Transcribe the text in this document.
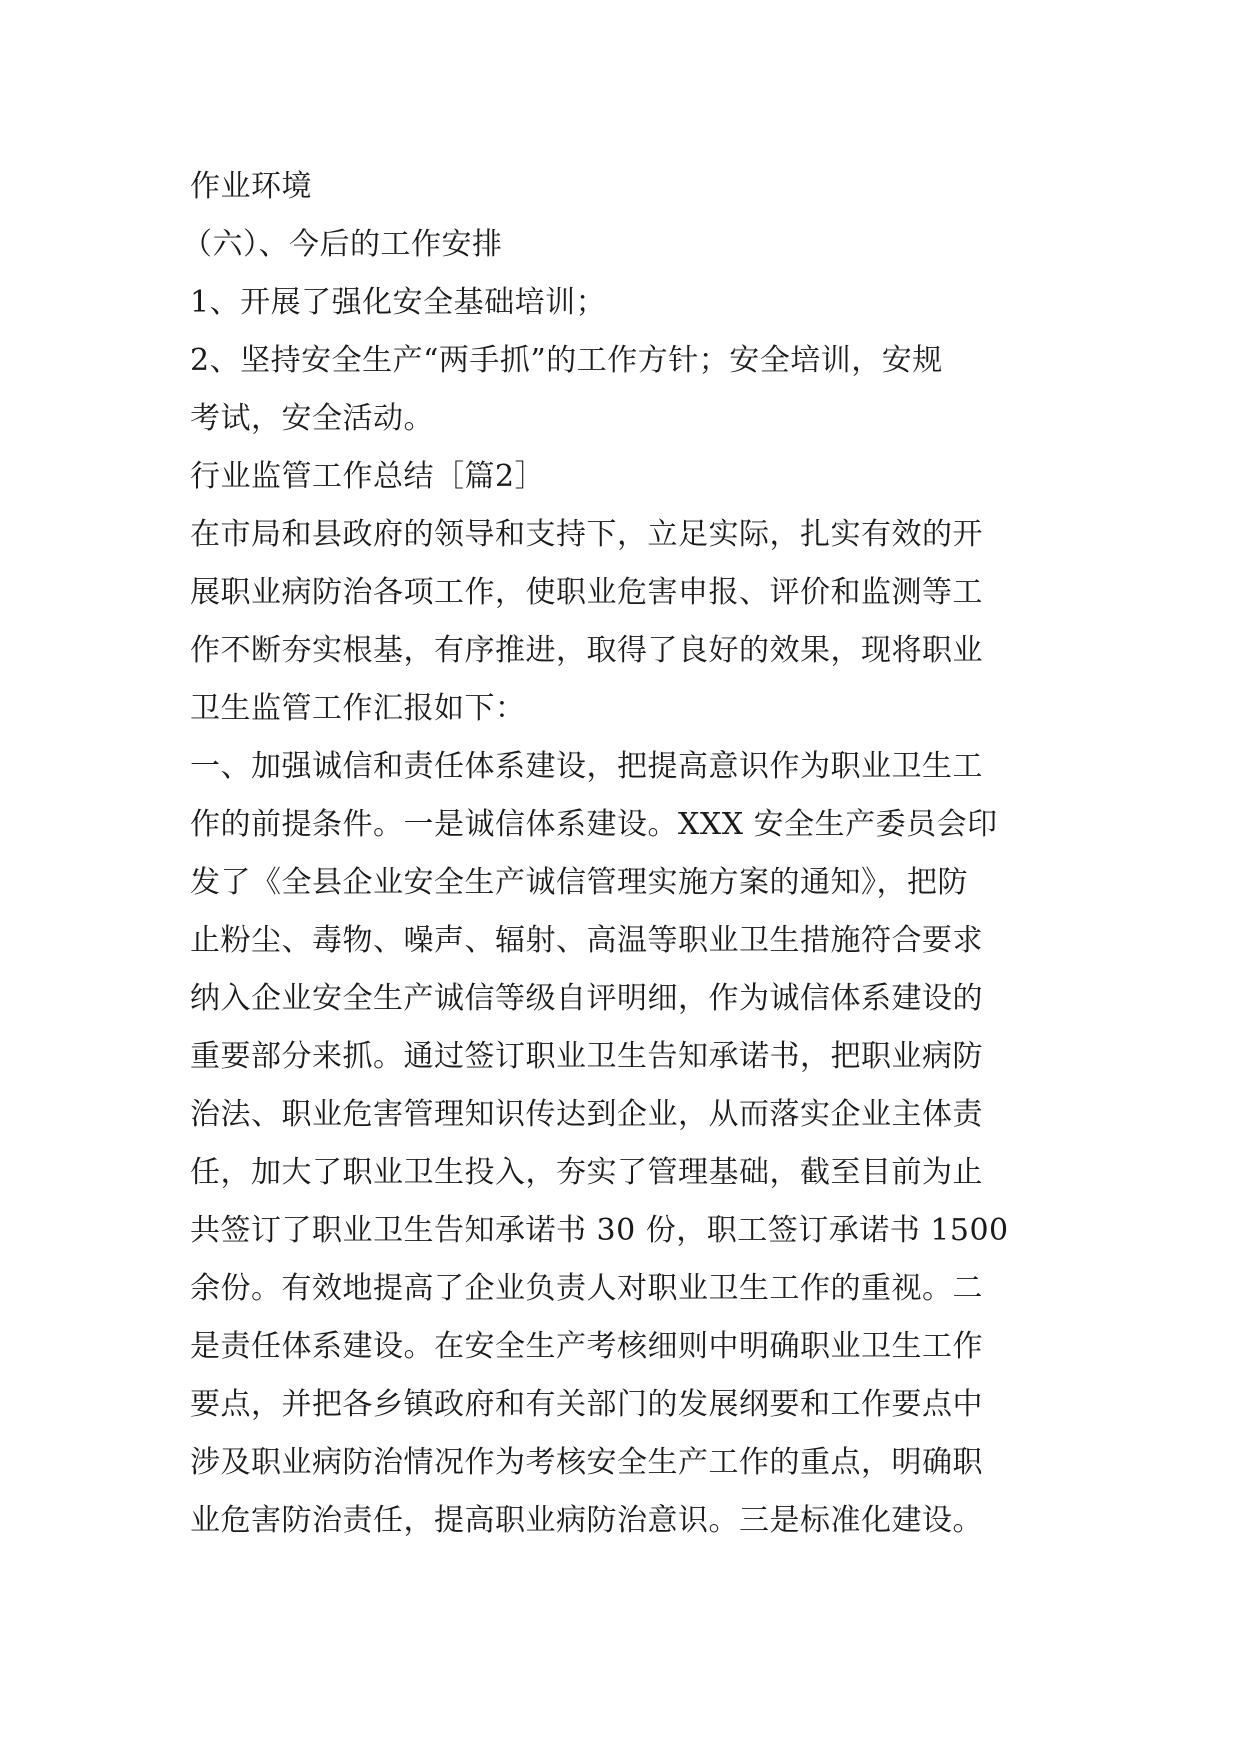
作业环境
（六）、今后的工作安排
1、开展了强化安全基础培训；
2、坚持安全生产“两手抓”的工作方针；安全培训，安规
考试，安全活动。
行业监管工作总结［篇2］
在市局和县政府的领导和支持下，立足实际，扎实有效的开
展职业病防治各项工作，使职业危害申报、评价和监测等工
作不断夯实根基，有序推进，取得了良好的效果，现将职业
卫生监管工作汇报如下：
一、加强诚信和责任体系建设，把提高意识作为职业卫生工
作的前提条件。一是诚信体系建设。XXX 安全生产委员会印
发了《全县企业安全生产诚信管理实施方案的通知》，把防
止粉尘、毒物、噪声、辐射、高温等职业卫生措施符合要求
纳入企业安全生产诚信等级自评明细，作为诚信体系建设的
重要部分来抓。通过签订职业卫生告知承诺书，把职业病防
治法、职业危害管理知识传达到企业，从而落实企业主体责
任，加大了职业卫生投入，夯实了管理基础，截至目前为止
共签订了职业卫生告知承诺书 30 份，职工签订承诺书 1500
余份。有效地提高了企业负责人对职业卫生工作的重视。二
是责任体系建设。在安全生产考核细则中明确职业卫生工作
要点，并把各乡镇政府和有关部门的发展纲要和工作要点中
涉及职业病防治情况作为考核安全生产工作的重点，明确职
业危害防治责任，提高职业病防治意识。三是标准化建设。
